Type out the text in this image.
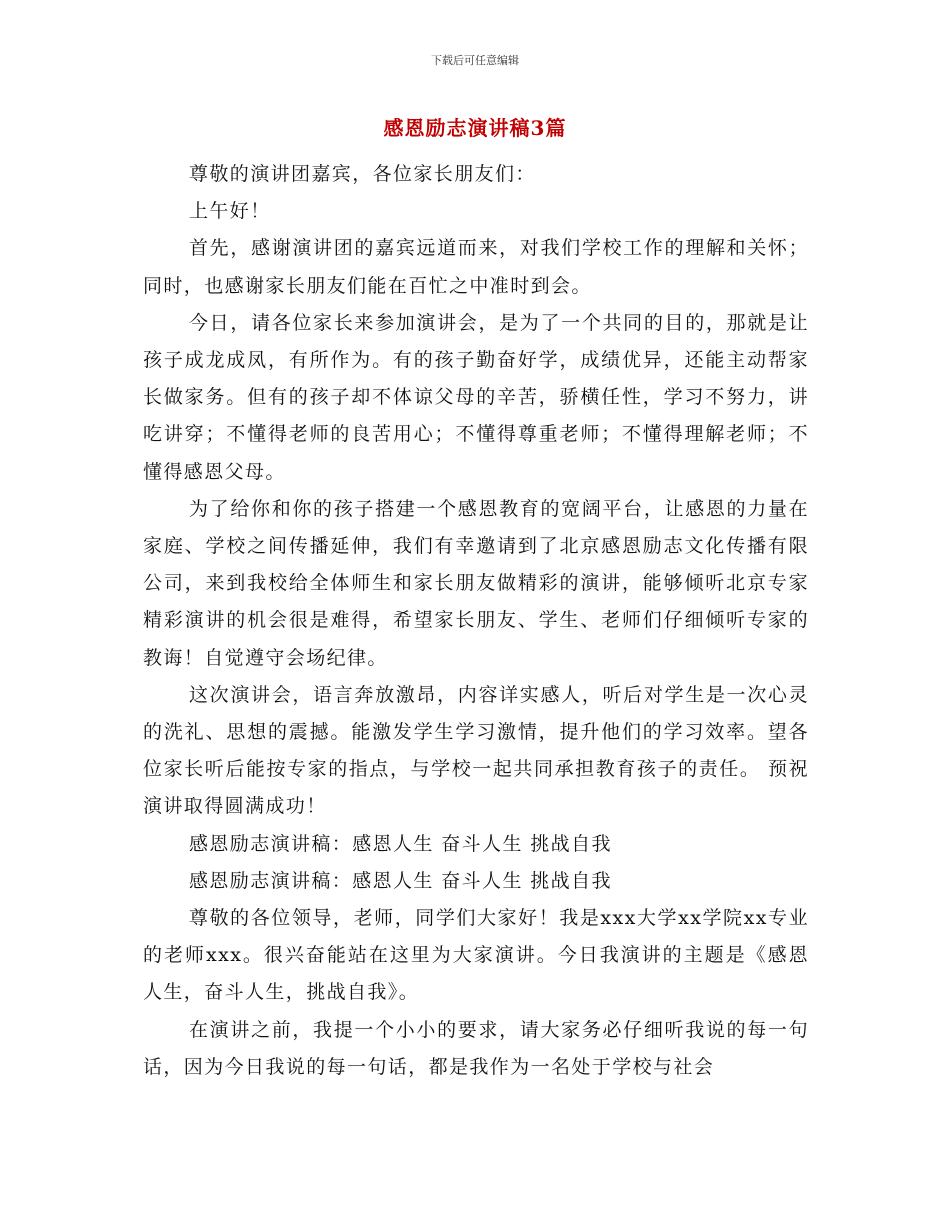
下载后可任意编辑
感恩励志演讲稿3篇

尊敬的演讲团嘉宾，各位家长朋友们：

上午好！

首先，感谢演讲团的嘉宾远道而来，对我们学校工作的理解和关怀；同时，也感谢家长朋友们能在百忙之中准时到会。

今日，请各位家长来参加演讲会，是为了一个共同的目的，那就是让孩子成龙成凤，有所作为。有的孩子勤奋好学，成绩优异，还能主动帮家长做家务。但有的孩子却不体谅父母的辛苦，骄横任性，学习不努力，讲吃讲穿；不懂得老师的良苦用心；不懂得尊重老师；不懂得理解老师；不懂得感恩父母。

为了给你和你的孩子搭建一个感恩教育的宽阔平台，让感恩的力量在家庭、学校之间传播延伸，我们有幸邀请到了北京感恩励志文化传播有限公司，来到我校给全体师生和家长朋友做精彩的演讲，能够倾听北京专家精彩演讲的机会很是难得，希望家长朋友、学生、老师们仔细倾听专家的教诲！自觉遵守会场纪律。

这次演讲会，语言奔放激昂，内容详实感人，听后对学生是一次心灵的洗礼、思想的震撼。能激发学生学习激情，提升他们的学习效率。望各位家长听后能按专家的指点，与学校一起共同承担教育孩子的责任。 预祝演讲取得圆满成功！

感恩励志演讲稿：感恩人生 奋斗人生 挑战自我

感恩励志演讲稿：感恩人生 奋斗人生 挑战自我

尊敬的各位领导，老师，同学们大家好！我是xxx大学xx学院xx专业的老师xxx。很兴奋能站在这里为大家演讲。今日我演讲的主题是《感恩人生，奋斗人生，挑战自我》。

在演讲之前，我提一个小小的要求，请大家务必仔细听我说的每一句话，因为今日我说的每一句话，都是我作为一名处于学校与社会
